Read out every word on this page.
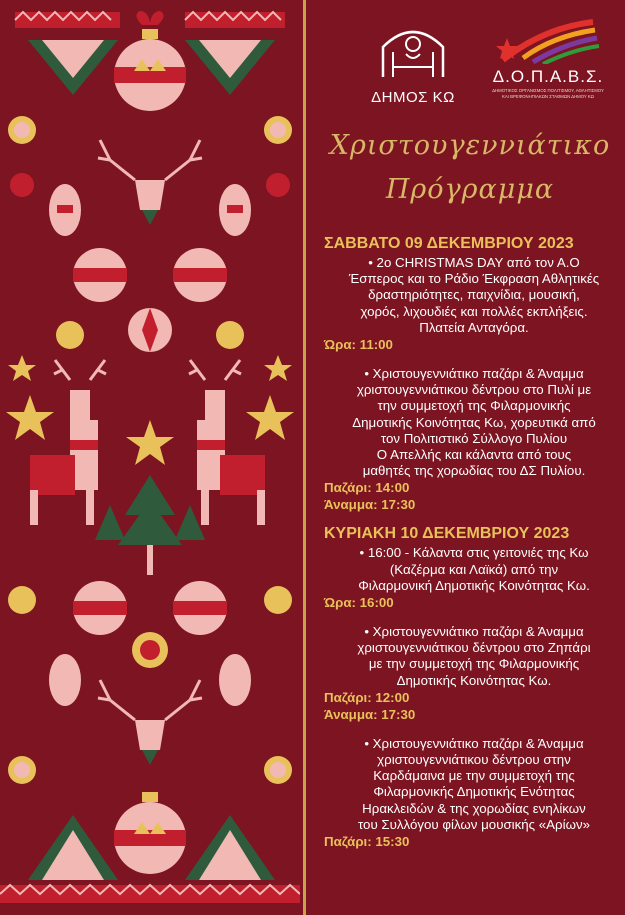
ΔΗΜΟΣ ΚΩ
Δ.Ο.Π.Α.Β.Σ.
ΔΗΜΟΤΙΚΟΣ ΟΡΓΑΝΙΣΜΟΣ ΠΟΛΙΤΙΣΜΟΥ, ΑΘΛΗΤΙΣΜΟΥ
ΚΑΙ ΒΡΕΦΟΝΗΠΙΑΚΩΝ ΣΤΑΘΜΩΝ ΔΗΜΟΥ ΚΩ
Χριστουγεννιάτικο
Πρόγραμμα
ΣΑΒΒΑΤΟ 09 ΔΕΚΕΜΒΡΙΟΥ 2023
• 2ο CHRISTMAS DAY από τον Α.Ο
Έσπερος και το Ράδιο Έκφραση Αθλητικές
δραστηριότητες, παιχνίδια, μουσική,
χορός, λιχουδιές και πολλές εκπλήξεις.
Πλατεία Ανταγόρα.
Ώρα: 11:00
• Χριστουγεννιάτικο παζάρι & Άναμμα
χριστουγεννιάτικου δέντρου στο Πυλί με
την συμμετοχή της Φιλαρμονικής
Δημοτικής Κοινότητας Κω, χορευτικά από
τον Πολιτιστικό Σύλλογο Πυλίου
Ο Απελλής και κάλαντα από τους
μαθητές της χορωδίας του ΔΣ Πυλίου.
Παζάρι: 14:00
Άναμμα: 17:30
ΚΥΡΙΑΚΗ 10 ΔΕΚΕΜΒΡΙΟΥ 2023
• 16:00 - Κάλαντα στις γειτονιές της Κω
(Καζέρμα και Λαϊκά) από την
Φιλαρμονική Δημοτικής Κοινότητας Κω.
Ώρα: 16:00
• Χριστουγεννιάτικο παζάρι & Άναμμα
χριστουγεννιάτικου δέντρου στο Ζηπάρι
με την συμμετοχή της Φιλαρμονικής
Δημοτικής Κοινότητας Κω.
Παζάρι: 12:00
Άναμμα: 17:30
• Χριστουγεννιάτικο παζάρι & Άναμμα
χριστουγεννιάτικου δέντρου στην
Καρδάμαινα με την συμμετοχή της
Φιλαρμονικής Δημοτικής Ενότητας
Ηρακλειδών & της χορωδίας ενηλίκων
του Συλλόγου φίλων μουσικής «Αρίων»
Παζάρι: 15:30
